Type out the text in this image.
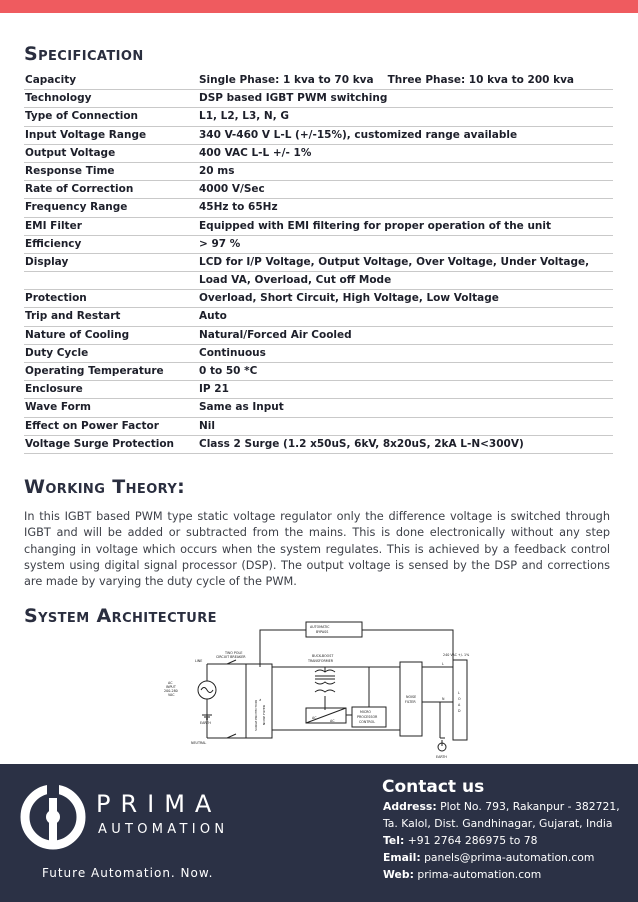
Specification
Capacity	Single Phase: 1 kva to 70 kva Three Phase: 10 kva to 200 kva
Technology	DSP based IGBT PWM switching
Type of Connection	L1, L2, L3, N, G
Input Voltage Range	340 V-460 V L-L (+/-15%), customized range available
Output Voltage	400 VAC L-L +/- 1%
Response Time	20 ms
Rate of Correction	4000 V/Sec
Frequency Range	45Hz to 65Hz
EMI Filter	Equipped with EMI filtering for proper operation of the unit
Efficiency	> 97 %
Display	LCD for I/P Voltage, Output Voltage, Over Voltage, Under Voltage,
	Load VA, Overload, Cut off Mode
Protection	Overload, Short Circuit, High Voltage, Low Voltage
Trip and Restart	Auto
Nature of Cooling	Natural/Forced Air Cooled
Duty Cycle	Continuous
Operating Temperature	0 to 50 *C
Enclosure	IP 21
Wave Form	Same as Input
Effect on Power Factor	Nil
Voltage Surge Protection	Class 2 Surge (1.2 x50uS, 6kV, 8x20uS, 2kA L-N<300V)
Working Theory:

In this IGBT based PWM type static voltage regulator only the difference voltage is switched through IGBT and will be added or subtracted from the mains. This is done electronically without any step changing in voltage which occurs when the system regulates. This is achieved by a feedback control system using digital signal processor (DSP). The output voltage is sensed by the DSP and corrections are made by varying the duty cycle of the PWM.

System Architecture	AUTOMATIC
BYPASS
TWO POLE
CIRCUIT BREAKER	BUCK-BOOST
TRANSFORMER
240 VAC +/- 1%
LINE
NEUTRAL
AC
INPUT
200-280
VAC
EARTH
AC
AC
MICRO
PROCESSOR
CONTROL
NOISE
FILTER
L
O
A
D
L
N
EARTH
SURGE PROTECTION
&
NOISE FILTER
PRIMA
AUTOMATION
Future Automation. Now.
Contact us
Address: Plot No. 793, Rakanpur - 382721,
Ta. Kalol, Dist. Gandhinagar, Gujarat, India
Tel: +91 2764 286975 to 78
Email: panels@prima-automation.com
Web: prima-automation.com
